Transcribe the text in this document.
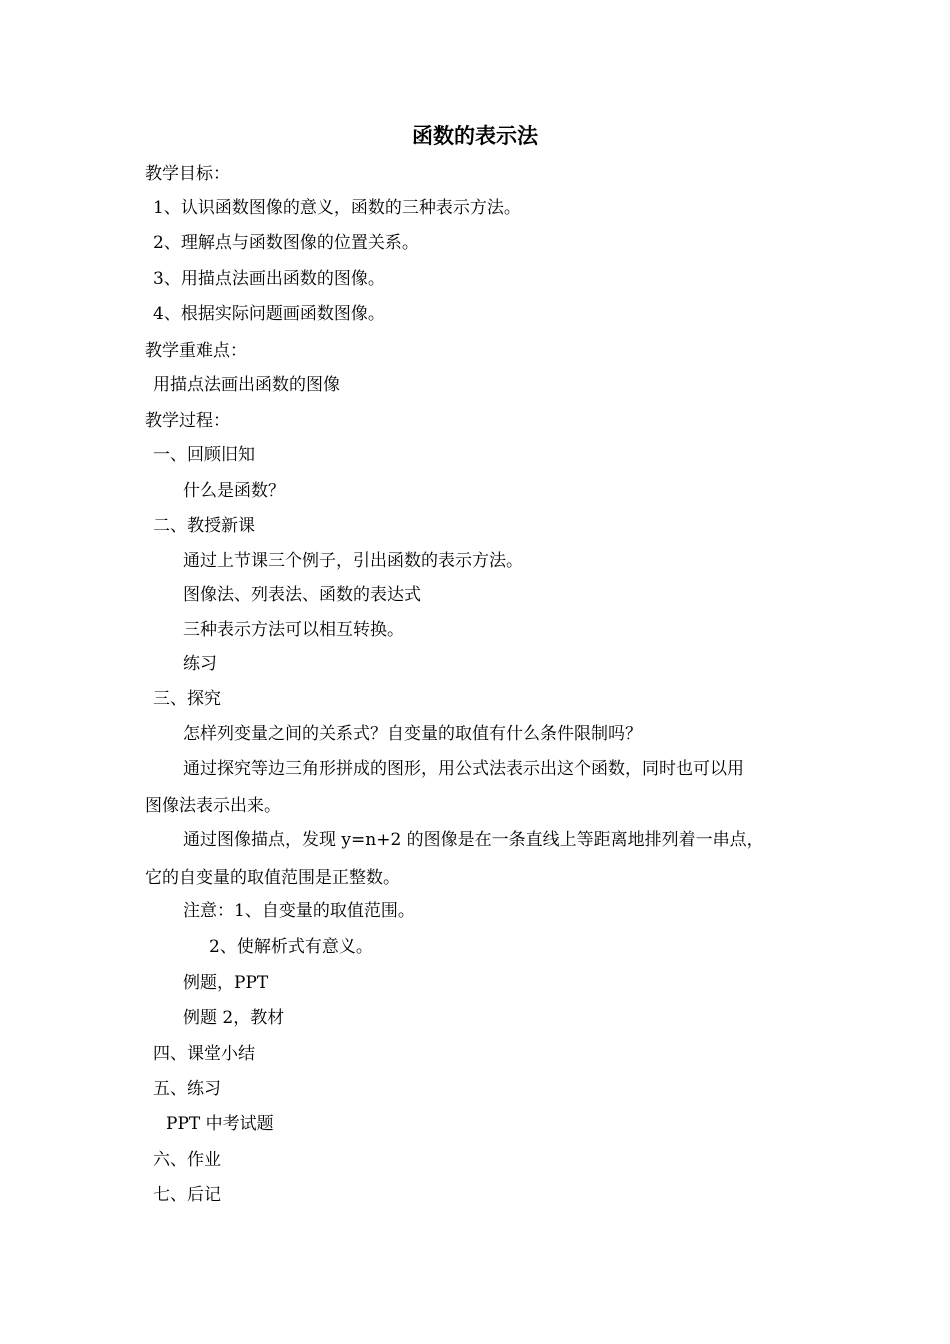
函数的表示法
教学目标：
1、认识函数图像的意义，函数的三种表示方法。
2、理解点与函数图像的位置关系。
3、用描点法画出函数的图像。
4、根据实际问题画函数图像。
教学重难点：
用描点法画出函数的图像
教学过程：
一、回顾旧知
什么是函数？
二、教授新课
通过上节课三个例子，引出函数的表示方法。
图像法、列表法、函数的表达式
三种表示方法可以相互转换。
练习
三、探究
怎样列变量之间的关系式？自变量的取值有什么条件限制吗？
通过探究等边三角形拼成的图形，用公式法表示出这个函数，同时也可以用
图像法表示出来。
通过图像描点，发现 y=n+2 的图像是在一条直线上等距离地排列着一串点，
它的自变量的取值范围是正整数。
注意：1、自变量的取值范围。
2、使解析式有意义。
例题，PPT
例题 2，教材
四、课堂小结
五、练习
PPT 中考试题
六、作业
七、后记
